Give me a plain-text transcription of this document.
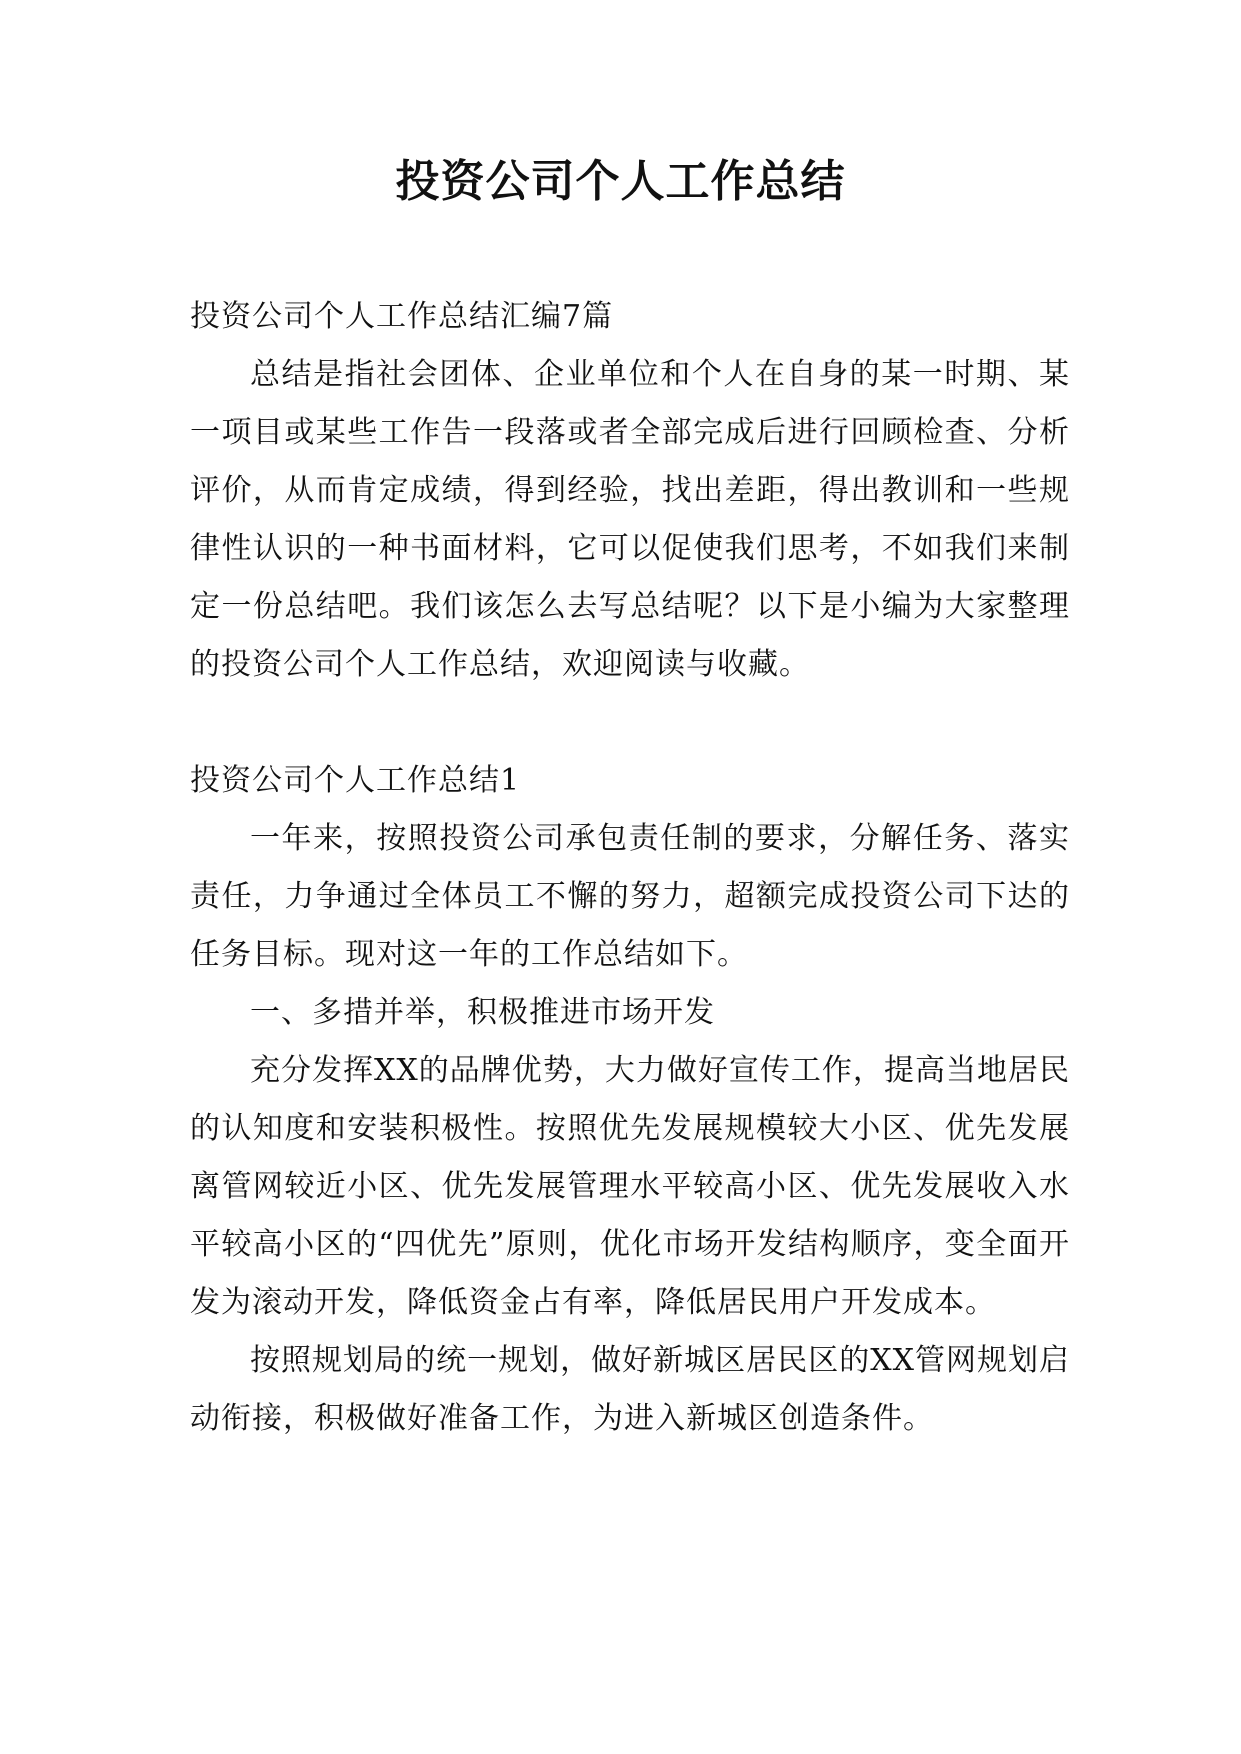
投资公司个人工作总结

投资公司个人工作总结汇编7篇

总结是指社会团体、企业单位和个人在自身的某一时期、某一项目或某些工作告一段落或者全部完成后进行回顾检查、分析评价，从而肯定成绩，得到经验，找出差距，得出教训和一些规律性认识的一种书面材料，它可以促使我们思考，不如我们来制定一份总结吧。我们该怎么去写总结呢？以下是小编为大家整理的投资公司个人工作总结，欢迎阅读与收藏。

投资公司个人工作总结1

一年来，按照投资公司承包责任制的要求，分解任务、落实责任，力争通过全体员工不懈的努力，超额完成投资公司下达的任务目标。现对这一年的工作总结如下。

一、多措并举，积极推进市场开发

充分发挥XX的品牌优势，大力做好宣传工作，提高当地居民的认知度和安装积极性。按照优先发展规模较大小区、优先发展离管网较近小区、优先发展管理水平较高小区、优先发展收入水平较高小区的“四优先”原则，优化市场开发结构顺序，变全面开发为滚动开发，降低资金占有率，降低居民用户开发成本。

按照规划局的统一规划，做好新城区居民区的XX管网规划启动衔接，积极做好准备工作，为进入新城区创造条件。
